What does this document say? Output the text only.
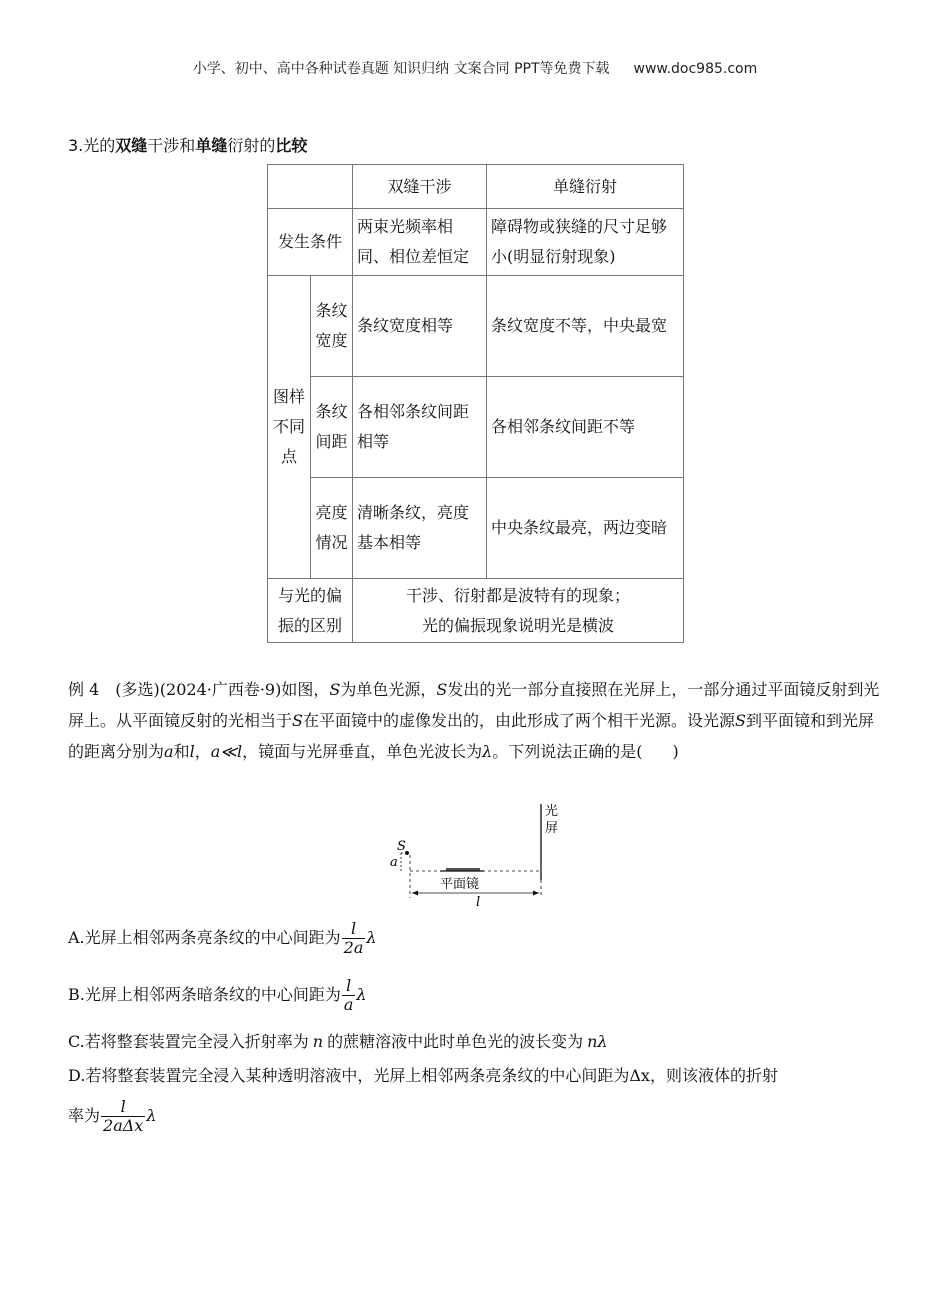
小学、初中、高中各种试卷真题 知识归纳 文案合同 PPT等免费下载 www.doc985.com
3.光的双缝干涉和单缝衍射的比较
		双缝干涉	单缝衍射
发生条件		两束光频率相同、相位差恒定	障碍物或狭缝的尺寸足够小(明显衍射现象)
图样不同点	条纹宽度	条纹宽度相等	条纹宽度不等，中央最宽
	条纹间距	各相邻条纹间距相等	各相邻条纹间距不等
	亮度情况	清晰条纹，亮度基本相等	中央条纹最亮，两边变暗
与光的偏振的区别		干涉、衍射都是波特有的现象；
光的偏振现象说明光是横波	
例 4 (多选)(2024·广西卷·9)如图，S为单色光源，S发出的光一部分直接照在光屏上，一部分通过平面镜反射到光屏上。从平面镜反射的光相当于S在平面镜中的虚像发出的，由此形成了两个相干光源。设光源S到平面镜和到光屏的距离分别为a和l，a≪l，镜面与光屏垂直，单色光波长为λ。下列说法正确的是( )
光
屏
S
a
平面镜
l
A.光屏上相邻两条亮条纹的中心间距为 $\frac{l}{2a}$ λ
B.光屏上相邻两条暗条纹的中心间距为 $\frac{l}{a}$ λ
C.若将整套装置完全浸入折射率为 n 的蔗糖溶液中此时单色光的波长变为 nλ
D.若将整套装置完全浸入某种透明溶液中，光屏上相邻两条亮条纹的中心间距为Δx，则该液体的折射
率为 $\frac{l}{\text{2aΔx}}$ λ
